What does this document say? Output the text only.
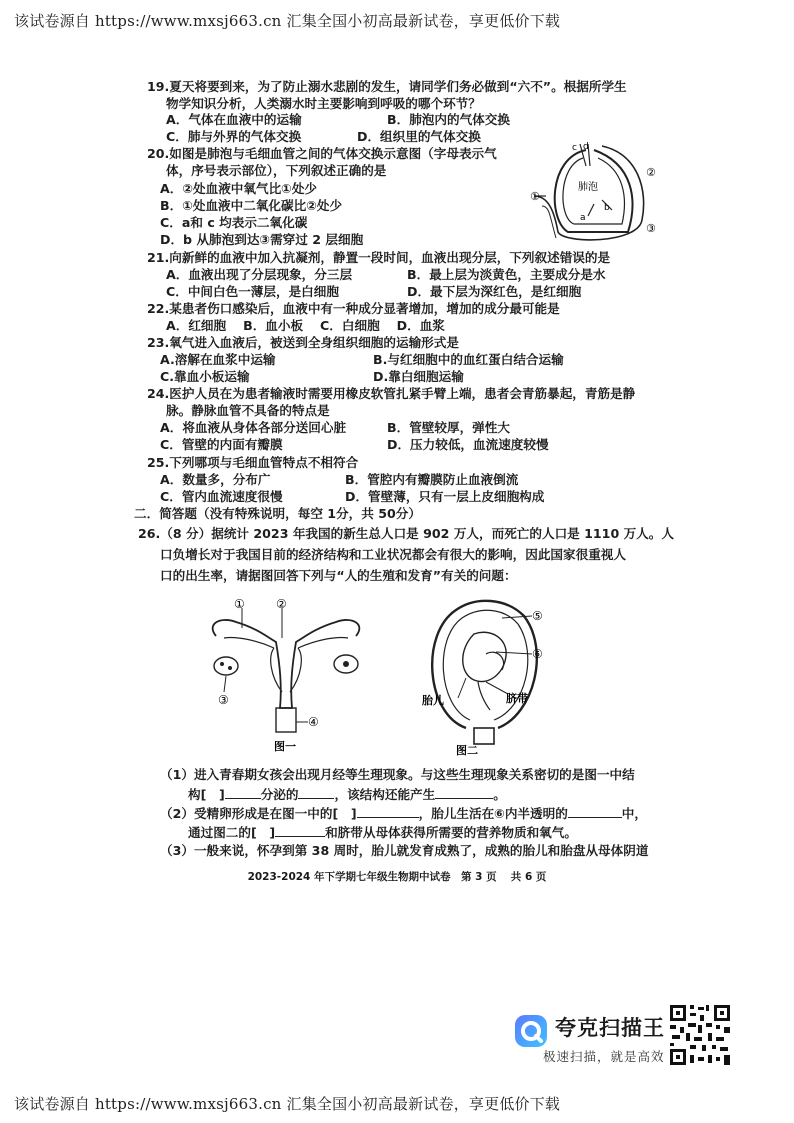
该试卷源自 https://www.mxsj663.cn 汇集全国小初高最新试卷，享更低价下载
该试卷源自 https://www.mxsj663.cn 汇集全国小初高最新试卷，享更低价下载
19.夏天将要到来，为了防止溺水悲剧的发生，请同学们务必做到“六不”。根据所学生
物学知识分析，人类溺水时主要影响到呼吸的哪个环节？
A．气体在血液中的运输	B．肺泡内的气体交换
C．肺与外界的气体交换	D．组织里的气体交换
20.如图是肺泡与毛细血管之间的气体交换示意图（字母表示气
体，序号表示部位），下列叙述正确的是
A．②处血液中氧气比①处少
B．①处血液中二氧化碳比②处少
C．a和 c 均表示二氧化碳
D．b 从肺泡到达③需穿过 2 层细胞
c d
肺泡
a
b
①
②
③
21.向新鲜的血液中加入抗凝剂，静置一段时间，血液出现分层，下列叙述错误的是
A．血液出现了分层现象，分三层	B．最上层为淡黄色，主要成分是水
C．中间白色一薄层，是白细胞	D．最下层为深红色，是红细胞
22.某患者伤口感染后，血液中有一种成分显著增加，增加的成分最可能是
A．红细胞　 B．血小板　 C．白细胞　 D．血浆
23.氧气进入血液后，被送到全身组织细胞的运输形式是
A.溶解在血浆中运输	B.与红细胞中的血红蛋白结合运输
C.靠血小板运输	D.靠白细胞运输
24.医护人员在为患者输液时需要用橡皮软管扎紧手臂上端，患者会青筋暴起，青筋是静
脉。静脉血管不具备的特点是
A．将血液从身体各部分送回心脏	B．管壁较厚，弹性大
C．管壁的内面有瓣膜	D．压力较低，血流速度较慢
25.下列哪项与毛细血管特点不相符合
A．数量多，分布广	B．管腔内有瓣膜防止血液倒流
C．管内血流速度很慢	D．管壁薄，只有一层上皮细胞构成
二．简答题（没有特殊说明，每空 1分，共 50分）
26.（8 分）据统计 2023 年我国的新生总人口是 902 万人，而死亡的人口是 1110 万人。人
口负增长对于我国目前的经济结构和工业状况都会有很大的影响，因此国家很重视人
口的出生率，请据图回答下列与“人的生殖和发育”有关的问题：
①	②
③
④
图一
⑤
⑥
胎儿	脐带
图二
（1）进入青春期女孩会出现月经等生理现象。与这些生理现象关系密切的是图一中结
构[　]	分泌的	，该结构还能产生	。
（2）受精卵形成是在图一中的[　]	，胎儿生活在⑥内半透明的	中，
通过图二的[　]	和脐带从母体获得所需要的营养物质和氧气。
（3）一般来说，怀孕到第 38 周时，胎儿就发育成熟了，成熟的胎儿和胎盘从母体阴道
2023-2024 年下学期七年级生物期中试卷　第 3 页　 共 6 页
夸克扫描王
极速扫描，就是高效
